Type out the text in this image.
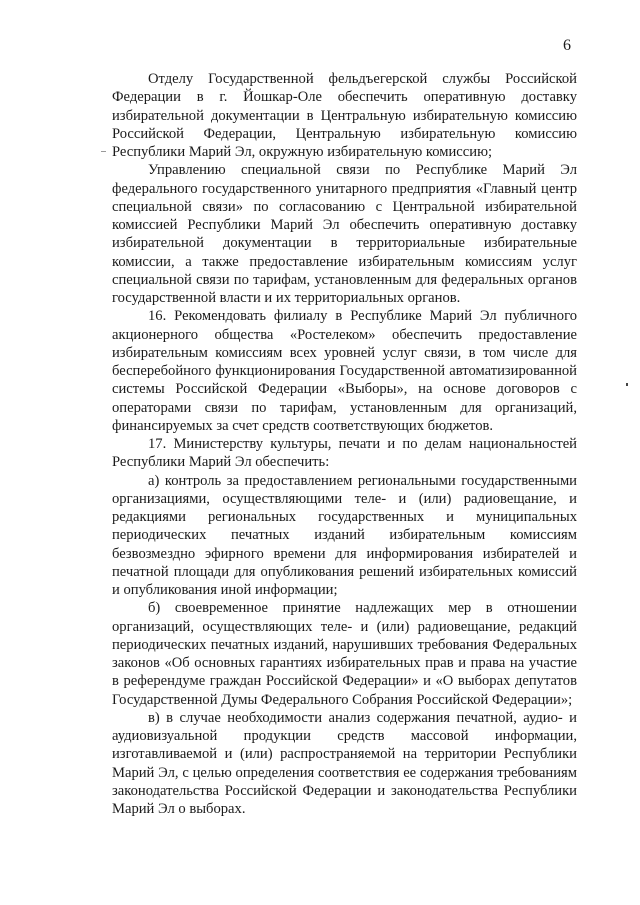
6

Отделу Государственной фельдъегерской службы Российской Федерации в г. Йошкар-Оле обеспечить оперативную доставку избирательной документации в Центральную избирательную комиссию Российской Федерации, Центральную избирательную комиссию Республики Марий Эл, окружную избирательную комиссию;

Управлению специальной связи по Республике Марий Эл федерального государственного унитарного предприятия «Главный центр специальной связи» по согласованию с Центральной избирательной комиссией Республики Марий Эл обеспечить оперативную доставку избирательной документации в территориальные избирательные комиссии, а также предоставление избирательным комиссиям услуг специальной связи по тарифам, установленным для федеральных органов государственной власти и их территориальных органов.

16. Рекомендовать филиалу в Республике Марий Эл публичного акционерного общества «Ростелеком» обеспечить предоставление избирательным комиссиям всех уровней услуг связи, в том числе для бесперебойного функционирования Государственной автоматизированной системы Российской Федерации «Выборы», на основе договоров с операторами связи по тарифам, установленным для организаций, финансируемых за счет средств соответствующих бюджетов.

17. Министерству культуры, печати и по делам национальностей Республики Марий Эл обеспечить:

а) контроль за предоставлением региональными государственными организациями, осуществляющими теле- и (или) радиовещание, и редакциями региональных государственных и муниципальных периодических печатных изданий избирательным комиссиям безвозмездно эфирного времени для информирования избирателей и печатной площади для опубликования решений избирательных комиссий и опубликования иной информации;

б) своевременное принятие надлежащих мер в отношении организаций, осуществляющих теле- и (или) радиовещание, редакций периодических печатных изданий, нарушивших требования Федеральных законов «Об основных гарантиях избирательных прав и права на участие в референдуме граждан Российской Федерации» и «О выборах депутатов Государственной Думы Федерального Собрания Российской Федерации»;

в) в случае необходимости анализ содержания печатной, аудио- и аудиовизуальной продукции средств массовой информации, изготавливаемой и (или) распространяемой на территории Республики Марий Эл, с целью определения соответствия ее содержания требованиям законодательства Российской Федерации и законодательства Республики Марий Эл о выборах.
